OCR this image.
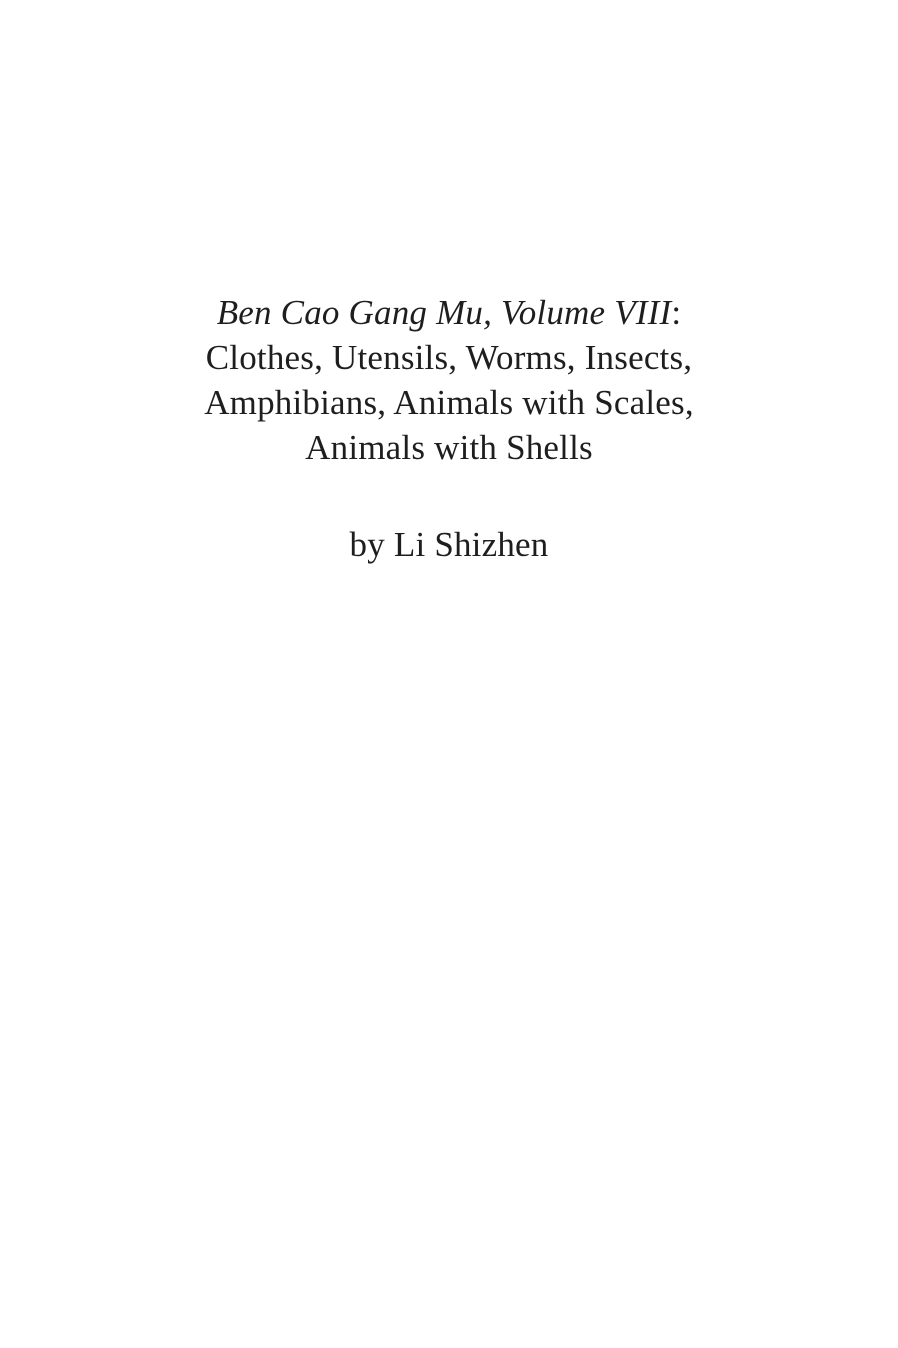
Ben Cao Gang Mu, Volume VIII:
Clothes, Utensils, Worms, Insects,
Amphibians, Animals with Scales,
Animals with Shells
by Li Shizhen
